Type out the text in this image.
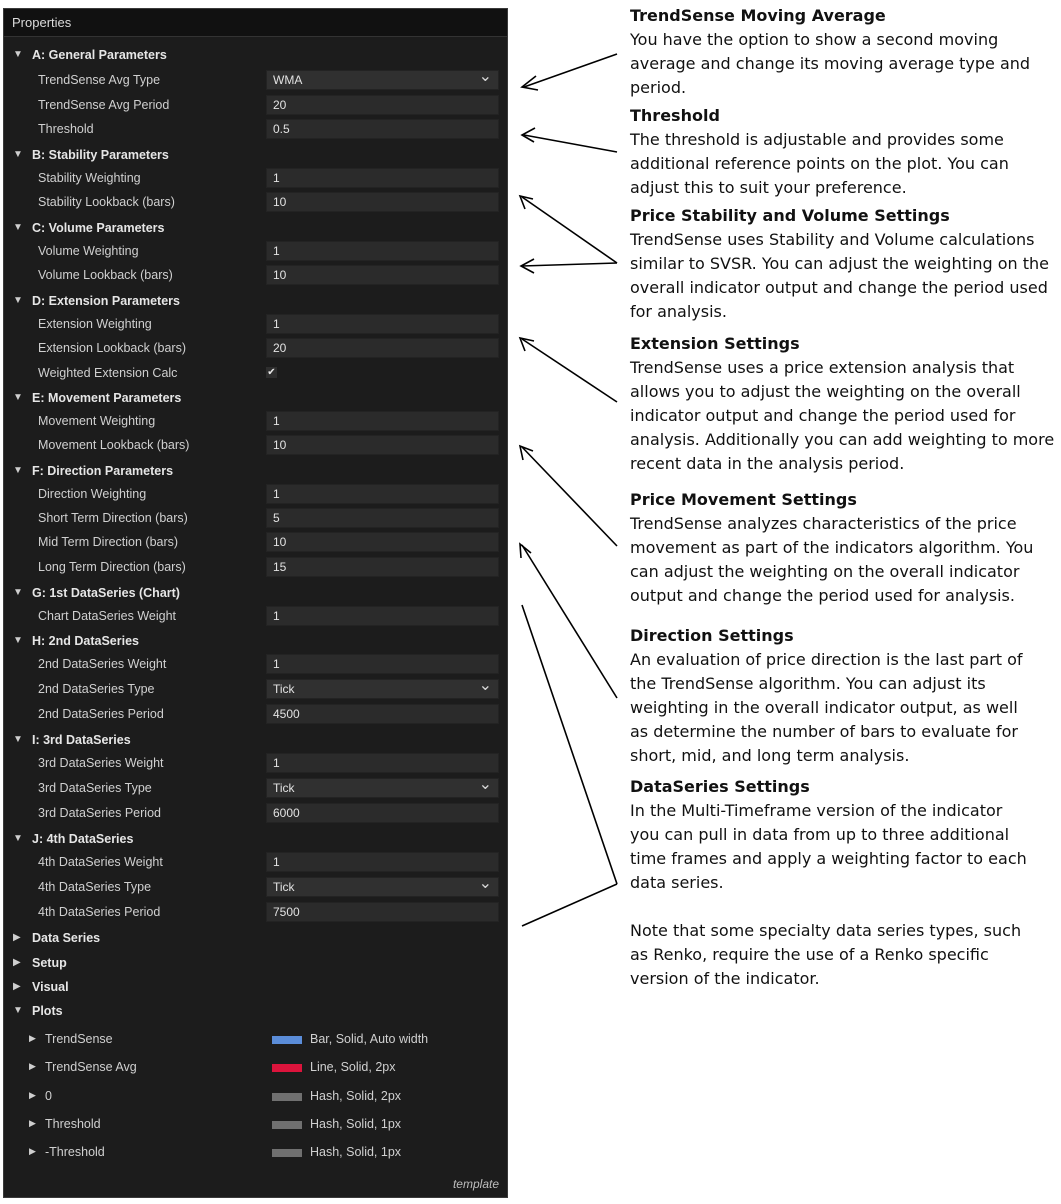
Properties
▼ A: General Parameters
TrendSense Avg Type	WMA	⌄
TrendSense Avg Period	20
Threshold	0.5
▼ B: Stability Parameters
Stability Weighting	1
Stability Lookback (bars)	10
▼ C: Volume Parameters
Volume Weighting	1
Volume Lookback (bars)	10
▼ D: Extension Parameters
Extension Weighting	1
Extension Lookback (bars)	20
Weighted Extension Calc	✔
▼ E: Movement Parameters
Movement Weighting	1
Movement Lookback (bars)	10
▼ F: Direction Parameters
Direction Weighting	1
Short Term Direction (bars)	5
Mid Term Direction (bars)	10
Long Term Direction (bars)	15
▼ G: 1st DataSeries (Chart)
Chart DataSeries Weight	1
▼ H: 2nd DataSeries
2nd DataSeries Weight	1
2nd DataSeries Type	Tick	⌄
2nd DataSeries Period	4500
▼ I: 3rd DataSeries
3rd DataSeries Weight	1
3rd DataSeries Type	Tick	⌄
3rd DataSeries Period	6000
▼ J: 4th DataSeries
4th DataSeries Weight	1
4th DataSeries Type	Tick	⌄
4th DataSeries Period	7500
▶ Data Series
▶ Setup
▶ Visual
▼ Plots
▶ TrendSense	Bar, Solid, Auto width
▶ TrendSense Avg	Line, Solid, 2px
▶ 0	Hash, Solid, 2px
▶ Threshold	Hash, Solid, 1px
▶ -Threshold	Hash, Solid, 1px
template
TrendSense Moving Average
You have the option to show a second moving
average and change its moving average type and
period.
Threshold
The threshold is adjustable and provides some
additional reference points on the plot. You can
adjust this to suit your preference.
Price Stability and Volume Settings
TrendSense uses Stability and Volume calculations
similar to SVSR. You can adjust the weighting on the
overall indicator output and change the period used
for analysis.
Extension Settings
TrendSense uses a price extension analysis that
allows you to adjust the weighting on the overall
indicator output and change the period used for
analysis. Additionally you can add weighting to more
recent data in the analysis period.
Price Movement Settings
TrendSense analyzes characteristics of the price
movement as part of the indicators algorithm. You
can adjust the weighting on the overall indicator
output and change the period used for analysis.
Direction Settings
An evaluation of price direction is the last part of
the TrendSense algorithm. You can adjust its
weighting in the overall indicator output, as well
as determine the number of bars to evaluate for
short, mid, and long term analysis.
DataSeries Settings
In the Multi-Timeframe version of the indicator
you can pull in data from up to three additional
time frames and apply a weighting factor to each
data series.
Note that some specialty data series types, such
as Renko, require the use of a Renko specific
version of the indicator.
